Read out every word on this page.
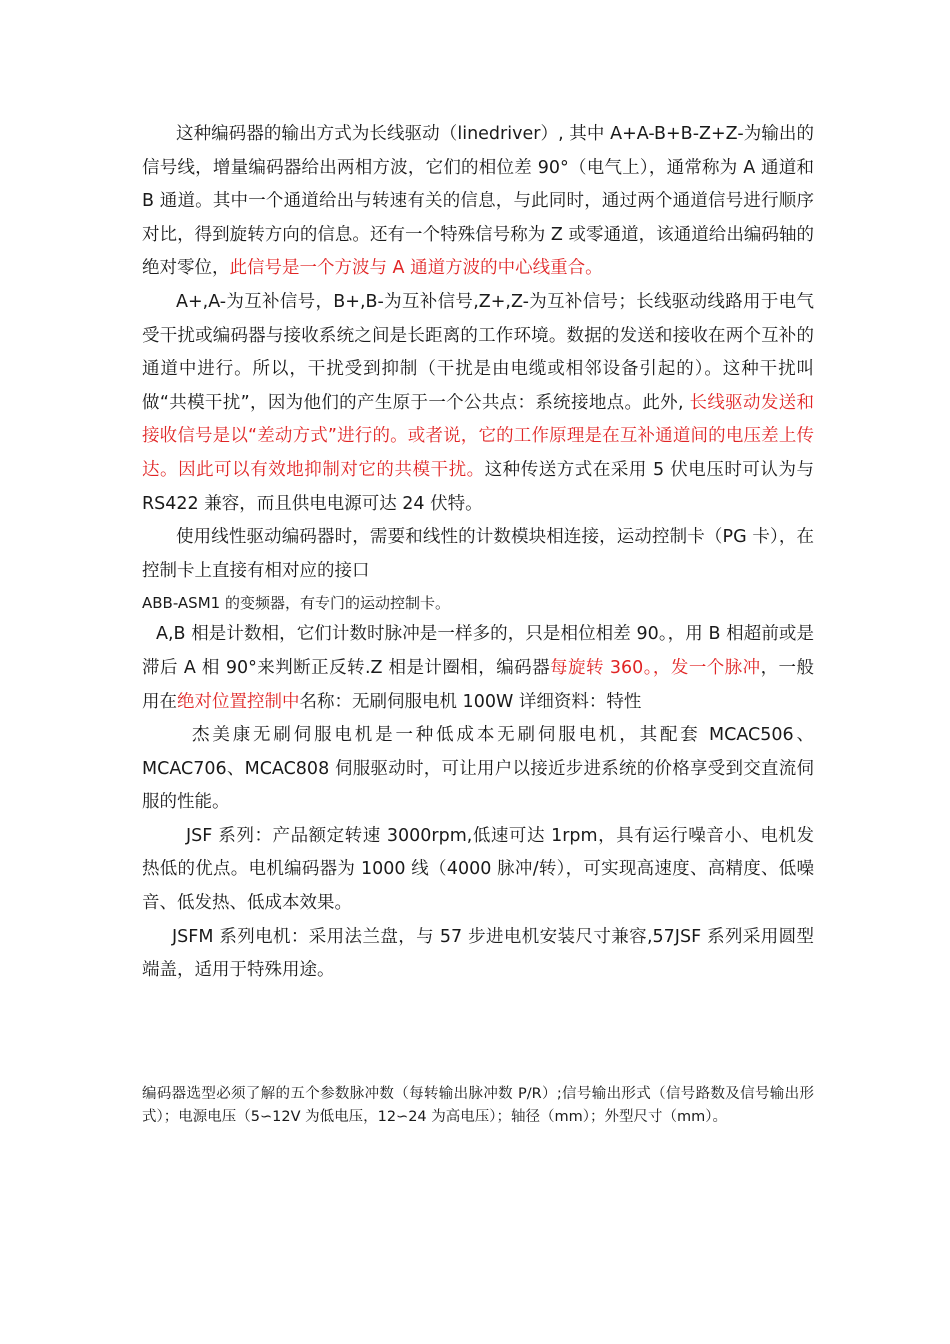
这种编码器的输出方式为长线驱动（linedriver）, 其中 A+A-B+B-Z+Z-为输出的信号线，增量编码器给出两相方波，它们的相位差 90°（电气上），通常称为 A 通道和 B 通道。其中一个通道给出与转速有关的信息，与此同时，通过两个通道信号进行顺序对比，得到旋转方向的信息。还有一个特殊信号称为 Z 或零通道，该通道给出编码轴的绝对零位，此信号是一个方波与 A 通道方波的中心线重合。

A+,A-为互补信号，B+,B-为互补信号,Z+,Z-为互补信号；长线驱动线路用于电气受干扰或编码器与接收系统之间是长距离的工作环境。数据的发送和接收在两个互补的通道中进行。所以，干扰受到抑制（干扰是由电缆或相邻设备引起的）。这种干扰叫做“共模干扰”，因为他们的产生原于一个公共点：系统接地点。此外, 长线驱动发送和接收信号是以“差动方式”进行的。或者说，它的工作原理是在互补通道间的电压差上传达。因此可以有效地抑制对它的共模干扰。这种传送方式在采用 5 伏电压时可认为与 RS422 兼容，而且供电电源可达 24 伏特。

使用线性驱动编码器时，需要和线性的计数模块相连接，运动控制卡（PG 卡），在控制卡上直接有相对应的接口

ABB-ASM1 的变频器，有专门的运动控制卡。

A,B 相是计数相，它们计数时脉冲是一样多的，只是相位相差 90。，用 B 相超前或是滞后 A 相 90°来判断正反转.Z 相是计圈相，编码器每旋转 360。，发一个脉冲，一般用在绝对位置控制中名称：无刷伺服电机 100W 详细资料：特性

杰美康无刷伺服电机是一种低成本无刷伺服电机，其配套 MCAC506、MCAC706、MCAC808 伺服驱动时，可让用户以接近步进系统的价格享受到交直流伺服的性能。

JSF 系列：产品额定转速 3000rpm,低速可达 1rpm，具有运行噪音小、电机发热低的优点。电机编码器为 1000 线（4000 脉冲/转），可实现高速度、高精度、低噪音、低发热、低成本效果。

JSFM 系列电机：采用法兰盘，与 57 步进电机安装尺寸兼容,57JSF 系列采用圆型端盖，适用于特殊用途。

编码器选型必须了解的五个参数脉冲数（每转输出脉冲数 P/R）;信号输出形式（信号路数及信号输出形式）；电源电压（5∽12V 为低电压，12∽24 为高电压）；轴径（mm）；外型尺寸（mm）。
